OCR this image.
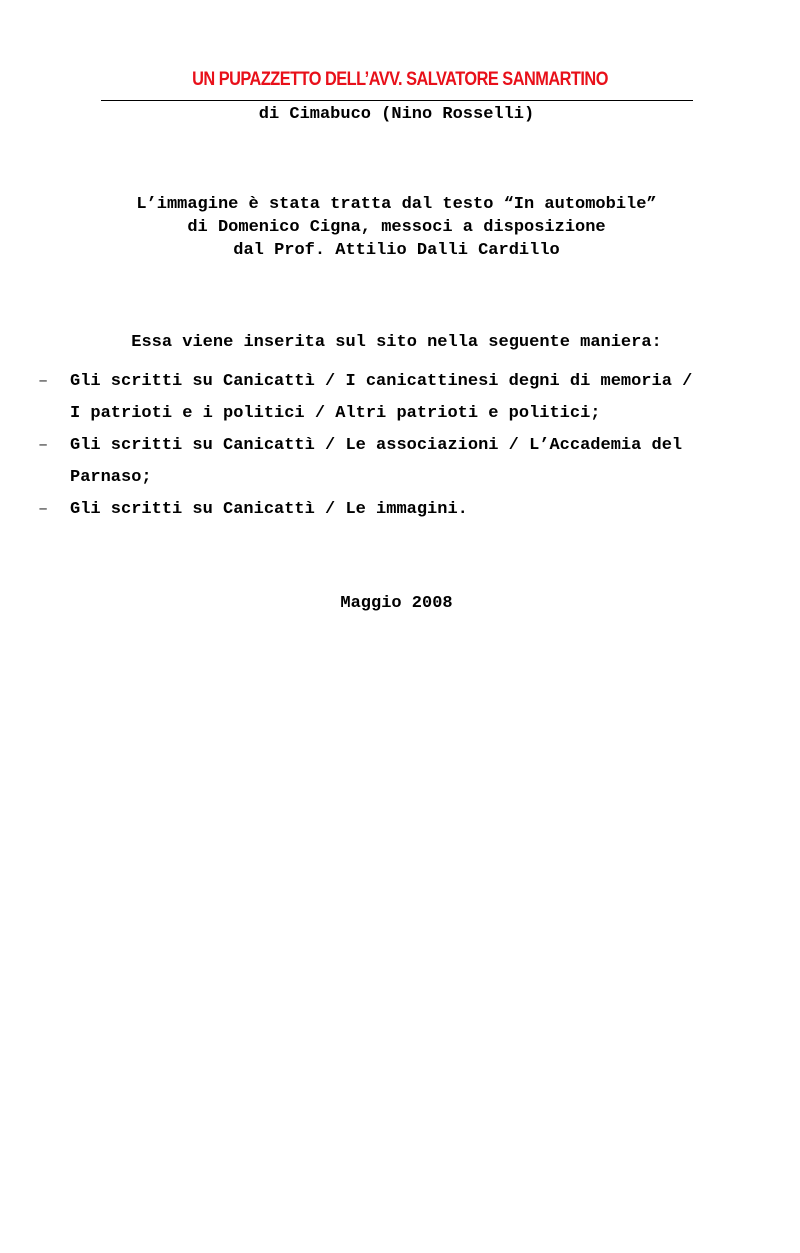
UN PUPAZZETTO DELL’AVV. SALVATORE SANMARTINO
di Cimabuco (Nino Rosselli)
L’immagine è stata tratta dal testo “In automobile”
di Domenico Cigna, messoci a disposizione
dal Prof. Attilio Dalli Cardillo
Essa viene inserita sul sito nella seguente maniera:
– Gli scritti su Canicattì / I canicattinesi degni di memoria /
I patrioti e i politici / Altri patrioti e politici;
– Gli scritti su Canicattì / Le associazioni / L’Accademia del
Parnaso;
– Gli scritti su Canicattì / Le immagini.
Maggio 2008
